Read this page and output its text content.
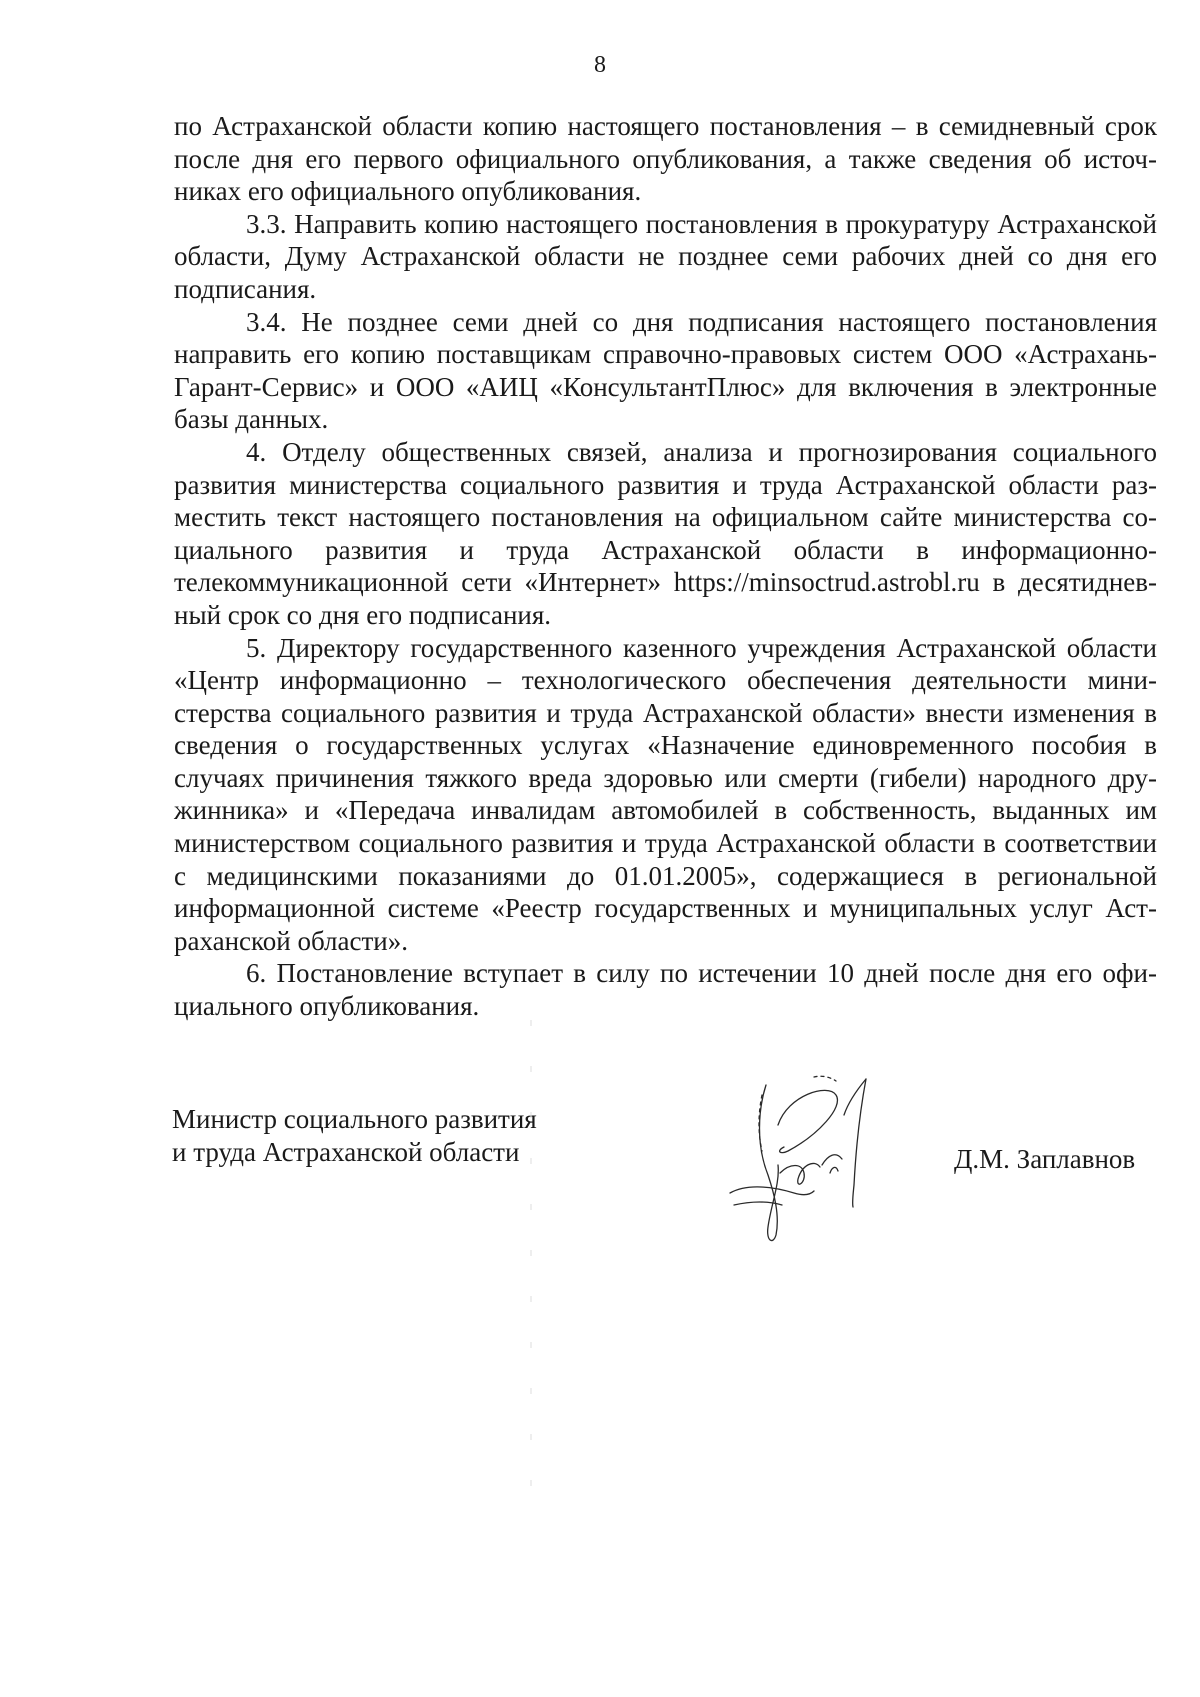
8

по Астраханской области копию настоящего постановления – в семидневный срок после дня его первого официального опубликования, а также сведения об источниках его официального опубликования.

3.3. Направить копию настоящего постановления в прокуратуру Астраханской области, Думу Астраханской области не позднее семи рабочих дней со дня его подписания.

3.4. Не позднее семи дней со дня подписания настоящего постановления направить его копию поставщикам справочно-правовых систем ООО «Астрахань-Гарант-Сервис» и ООО «АИЦ «КонсультантПлюс» для включения в электронные базы данных.

4. Отделу общественных связей, анализа и прогнозирования социального развития министерства социального развития и труда Астраханской области разместить текст настоящего постановления на официальном сайте министерства социального развития и труда Астраханской области в информационно-телекоммуникационной сети «Интернет» https://minsoctrud.astrobl.ru в десятидневный срок со дня его подписания.

5. Директору государственного казенного учреждения Астраханской области «Центр информационно – технологического обеспечения деятельности министерства социального развития и труда Астраханской области» внести изменения в сведения о государственных услугах «Назначение единовременного пособия в случаях причинения тяжкого вреда здоровью или смерти (гибели) народного дружинника» и «Передача инвалидам автомобилей в собственность, выданных им министерством социального развития и труда Астраханской области в соответствии с медицинскими показаниями до 01.01.2005», содержащиеся в региональной информационной системе «Реестр государственных и муниципальных услуг Астраханской области».

6. Постановление вступает в силу по истечении 10 дней после дня его официального опубликования.

Министр социального развития
и труда Астраханской области	Д.М. Заплавнов
